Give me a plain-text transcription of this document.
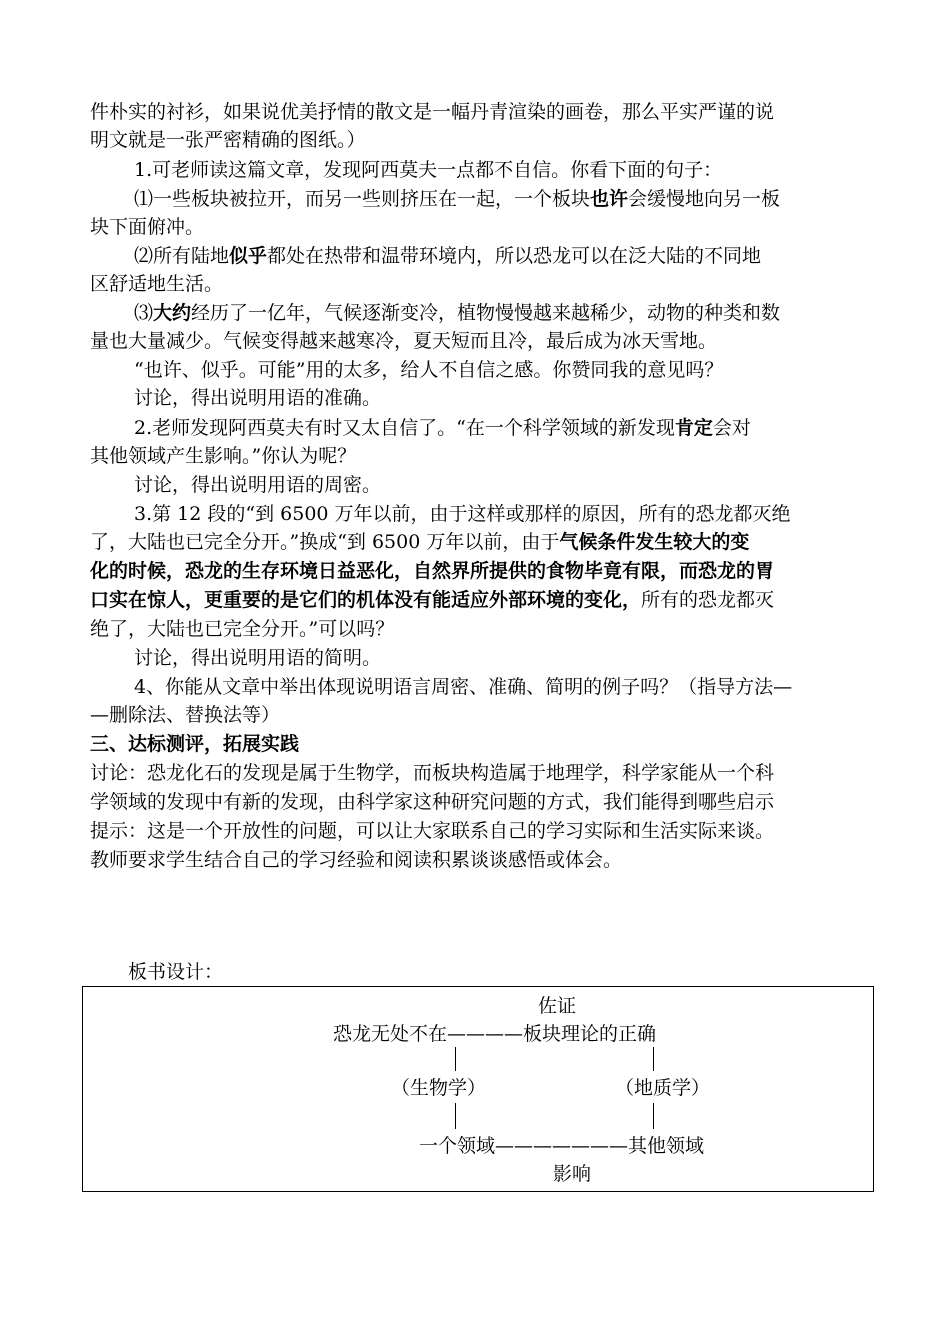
件朴实的衬衫，如果说优美抒情的散文是一幅丹青渲染的画卷，那么平实严谨的说
明文就是一张严密精确的图纸。）
1.可老师读这篇文章，发现阿西莫夫一点都不自信。你看下面的句子：
⑴一些板块被拉开，而另一些则挤压在一起，一个板块也许会缓慢地向另一板
块下面俯冲。
⑵所有陆地似乎都处在热带和温带环境内，所以恐龙可以在泛大陆的不同地
区舒适地生活。
⑶大约经历了一亿年，气候逐渐变冷，植物慢慢越来越稀少，动物的种类和数
量也大量减少。气候变得越来越寒冷，夏天短而且冷，最后成为冰天雪地。
“也许、似乎。可能”用的太多，给人不自信之感。你赞同我的意见吗？
讨论，得出说明用语的准确。
2.老师发现阿西莫夫有时又太自信了。“在一个科学领域的新发现肯定会对
其他领域产生影响。”你认为呢？
讨论，得出说明用语的周密。
3.第 12 段的“到 6500 万年以前，由于这样或那样的原因，所有的恐龙都灭绝
了，大陆也已完全分开。”换成“到 6500 万年以前，由于气候条件发生较大的变
化的时候，恐龙的生存环境日益恶化，自然界所提供的食物毕竟有限，而恐龙的胃
口实在惊人，更重要的是它们的机体没有能适应外部环境的变化，所有的恐龙都灭
绝了，大陆也已完全分开。”可以吗？
讨论，得出说明用语的简明。
4、你能从文章中举出体现说明语言周密、准确、简明的例子吗？（指导方法—
—删除法、替换法等）
三、达标测评，拓展实践
讨论：恐龙化石的发现是属于生物学，而板块构造属于地理学，科学家能从一个科
学领域的发现中有新的发现，由科学家这种研究问题的方式，我们能得到哪些启示
提示：这是一个开放性的问题，可以让大家联系自己的学习实际和生活实际来谈。
教师要求学生结合自己的学习经验和阅读积累谈谈感悟或体会。
板书设计：
佐证
恐龙无处不在————板块理论的正确
（生物学）	（地质学）
一个领域———————其他领域
影响
